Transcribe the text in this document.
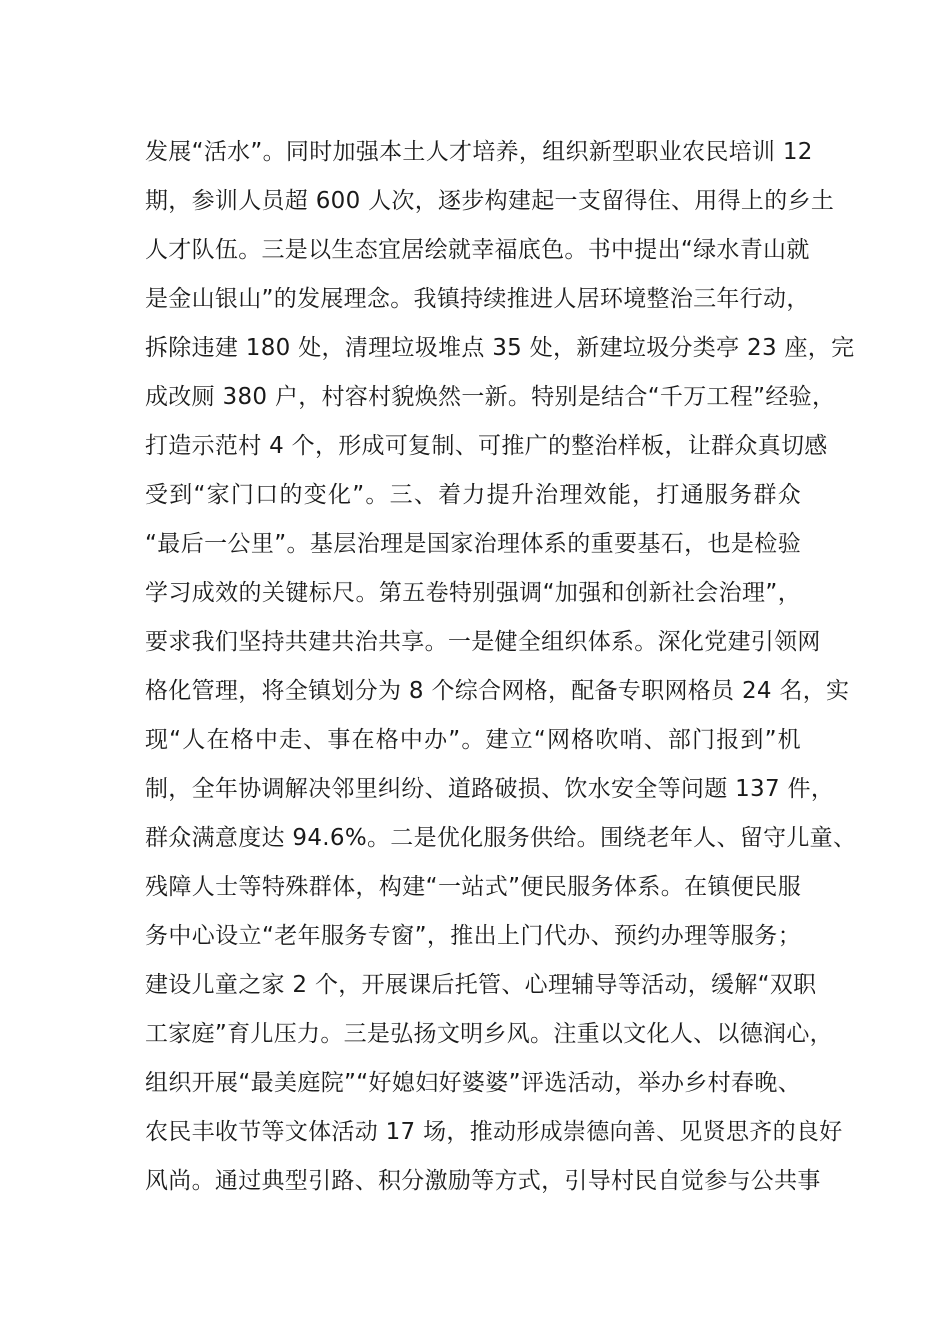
发展“活水”。同时加强本土人才培养，组织新型职业农民培训 12
期，参训人员超 600 人次，逐步构建起一支留得住、用得上的乡土
人才队伍。三是以生态宜居绘就幸福底色。书中提出“绿水青山就
是金山银山”的发展理念。我镇持续推进人居环境整治三年行动，
拆除违建 180 处，清理垃圾堆点 35 处，新建垃圾分类亭 23 座，完
成改厕 380 户，村容村貌焕然一新。特别是结合“千万工程”经验，
打造示范村 4 个，形成可复制、可推广的整治样板，让群众真切感
受到“家门口的变化”。三、着力提升治理效能，打通服务群众
“最后一公里”。基层治理是国家治理体系的重要基石，也是检验
学习成效的关键标尺。第五卷特别强调“加强和创新社会治理”，
要求我们坚持共建共治共享。一是健全组织体系。深化党建引领网
格化管理，将全镇划分为 8 个综合网格，配备专职网格员 24 名，实
现“人在格中走、事在格中办”。建立“网格吹哨、部门报到”机
制，全年协调解决邻里纠纷、道路破损、饮水安全等问题 137 件，
群众满意度达 94.6%。二是优化服务供给。围绕老年人、留守儿童、
残障人士等特殊群体，构建“一站式”便民服务体系。在镇便民服
务中心设立“老年服务专窗”，推出上门代办、预约办理等服务；
建设儿童之家 2 个，开展课后托管、心理辅导等活动，缓解“双职
工家庭”育儿压力。三是弘扬文明乡风。注重以文化人、以德润心，
组织开展“最美庭院”“好媳妇好婆婆”评选活动，举办乡村春晚、
农民丰收节等文体活动 17 场，推动形成崇德向善、见贤思齐的良好
风尚。通过典型引路、积分激励等方式，引导村民自觉参与公共事
